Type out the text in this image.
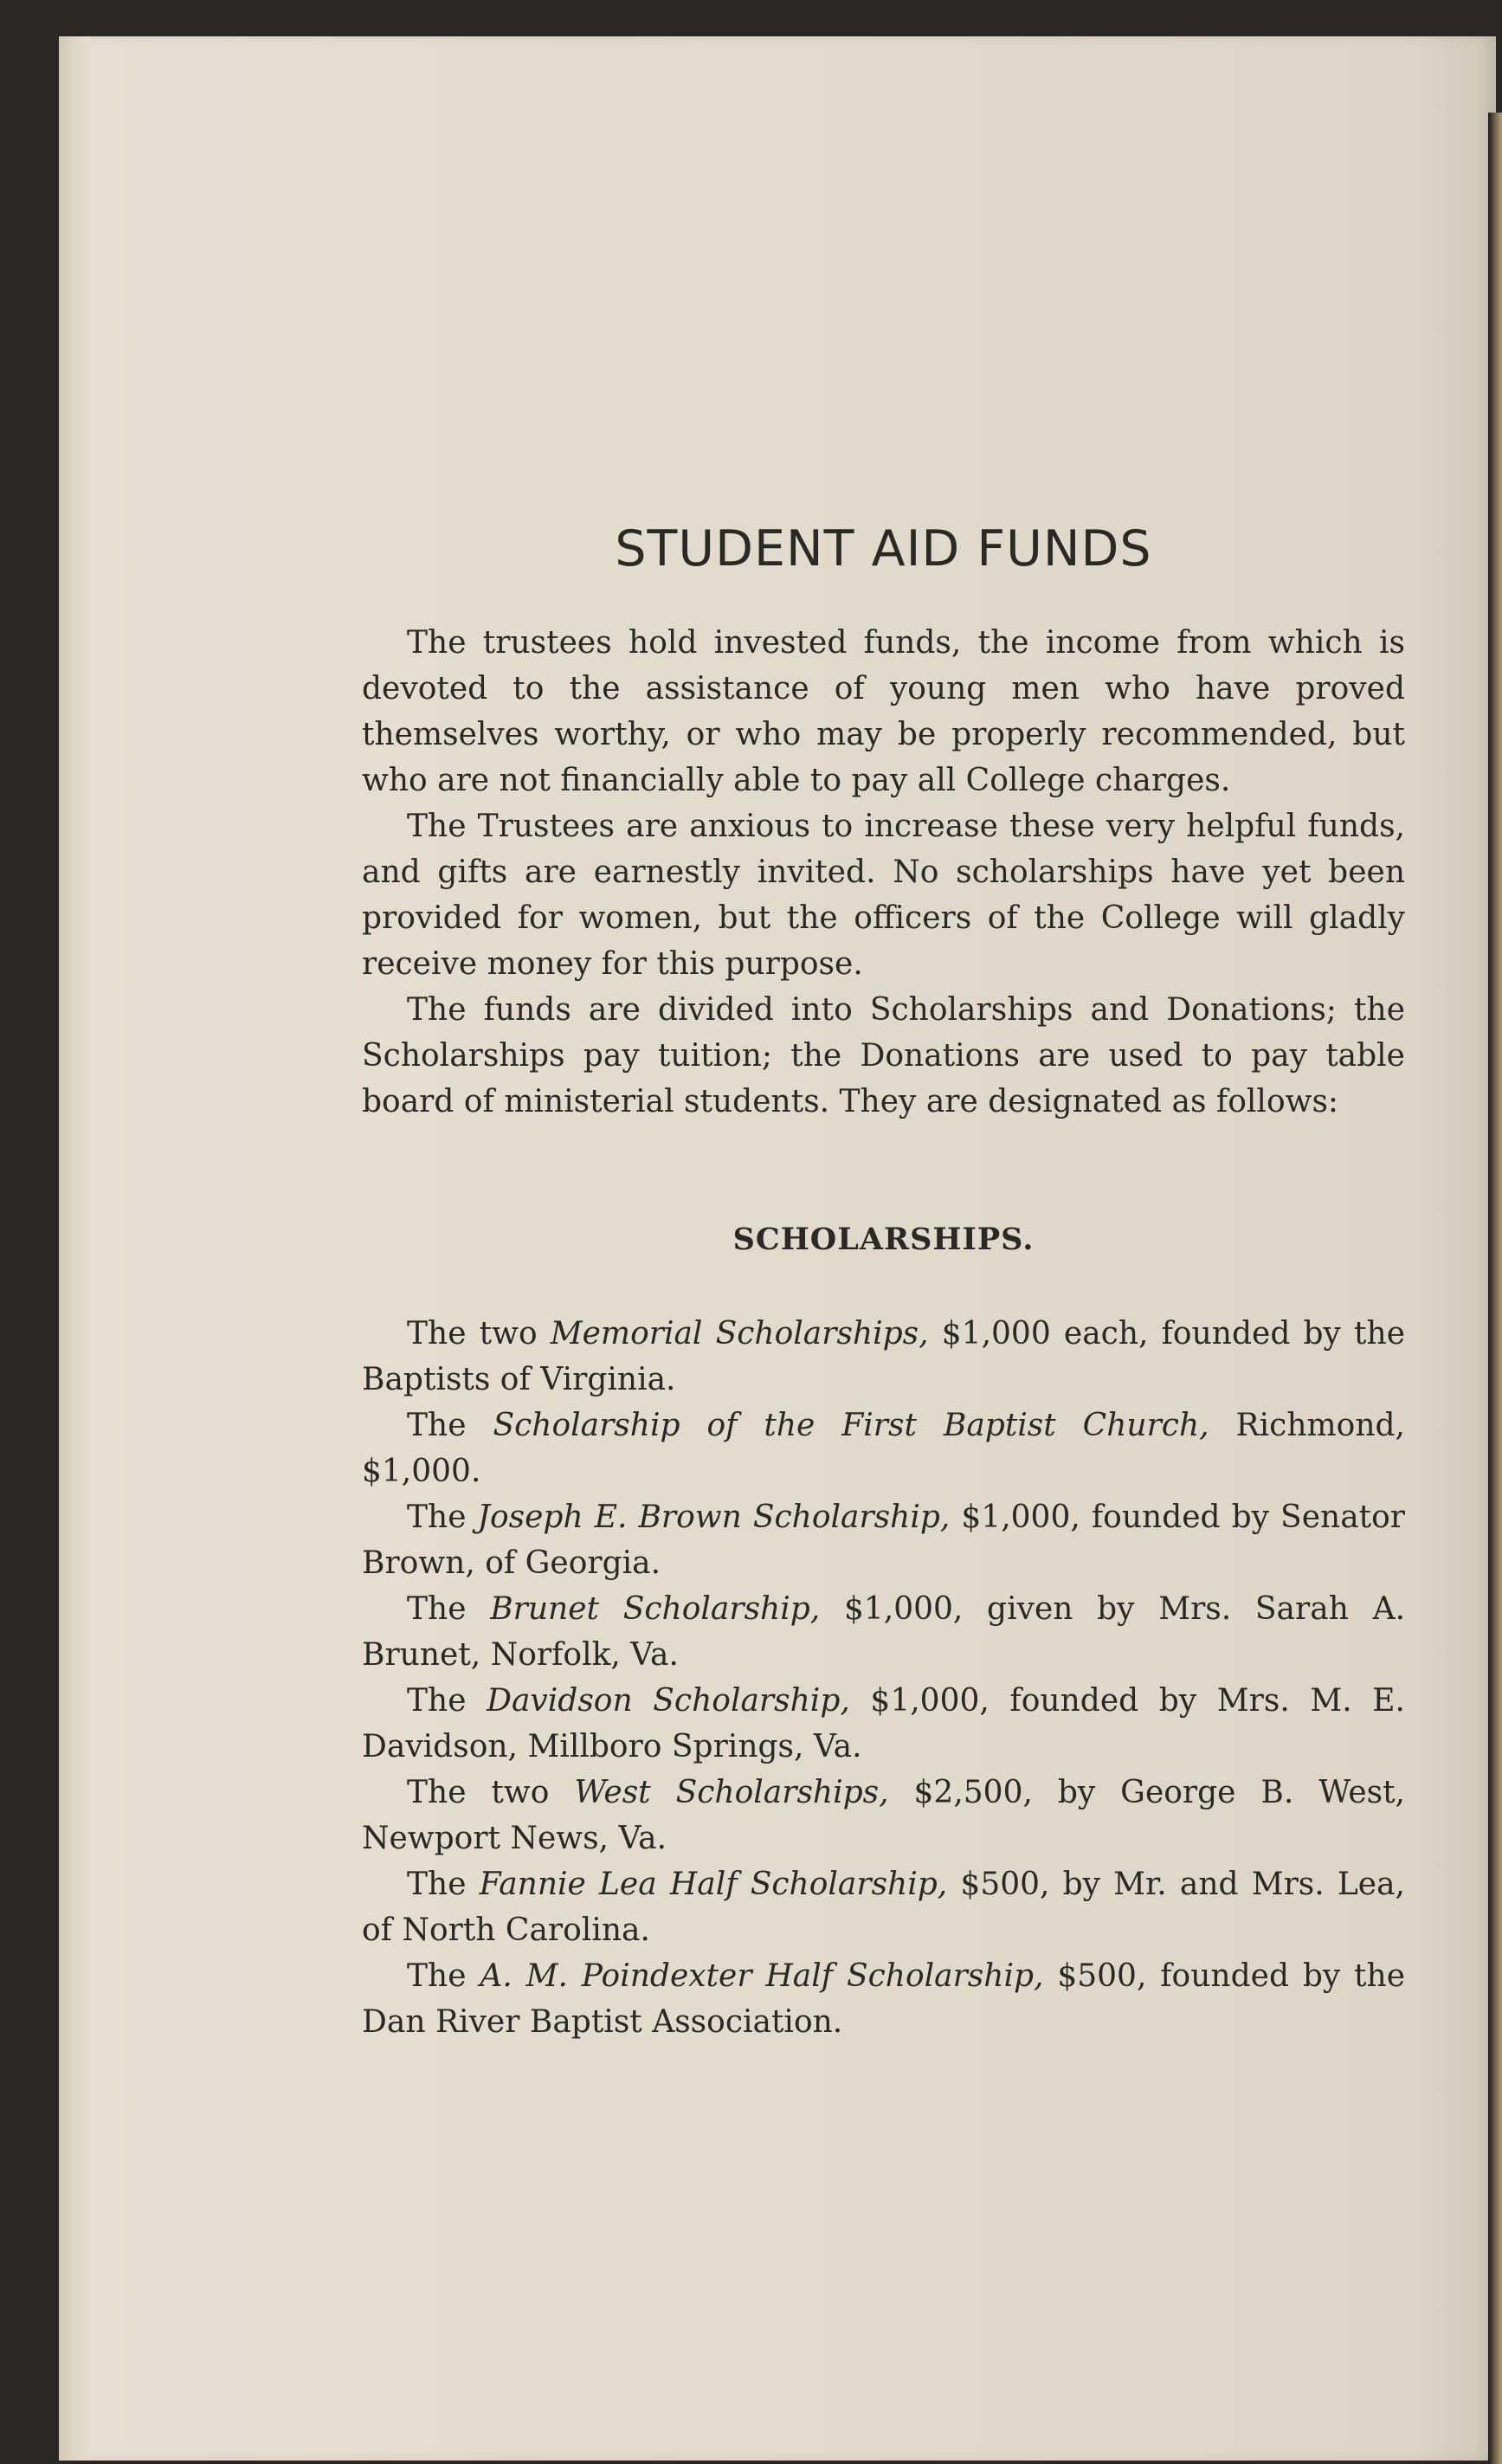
STUDENT AID FUNDS

The trustees hold invested funds, the income from which is devoted to the assistance of young men who have proved themselves worthy, or who may be properly recommended, but who are not financially able to pay all College charges.

The Trustees are anxious to increase these very helpful funds, and gifts are earnestly invited. No scholarships have yet been provided for women, but the officers of the College will gladly receive money for this purpose.

The funds are divided into Scholarships and Donations; the Scholarships pay tuition; the Donations are used to pay table board of ministerial students. They are designated as follows:

SCHOLARSHIPS.

The two Memorial Scholarships, $1,000 each, founded by the Baptists of Virginia.

The Scholarship of the First Baptist Church, Richmond, $1,000.

The Joseph E. Brown Scholarship, $1,000, founded by Senator Brown, of Georgia.

The Brunet Scholarship, $1,000, given by Mrs. Sarah A. Brunet, Norfolk, Va.

The Davidson Scholarship, $1,000, founded by Mrs. M. E. Davidson, Millboro Springs, Va.

The two West Scholarships, $2,500, by George B. West, Newport News, Va.

The Fannie Lea Half Scholarship, $500, by Mr. and Mrs. Lea, of North Carolina.

The A. M. Poindexter Half Scholarship, $500, founded by the Dan River Baptist Association.
